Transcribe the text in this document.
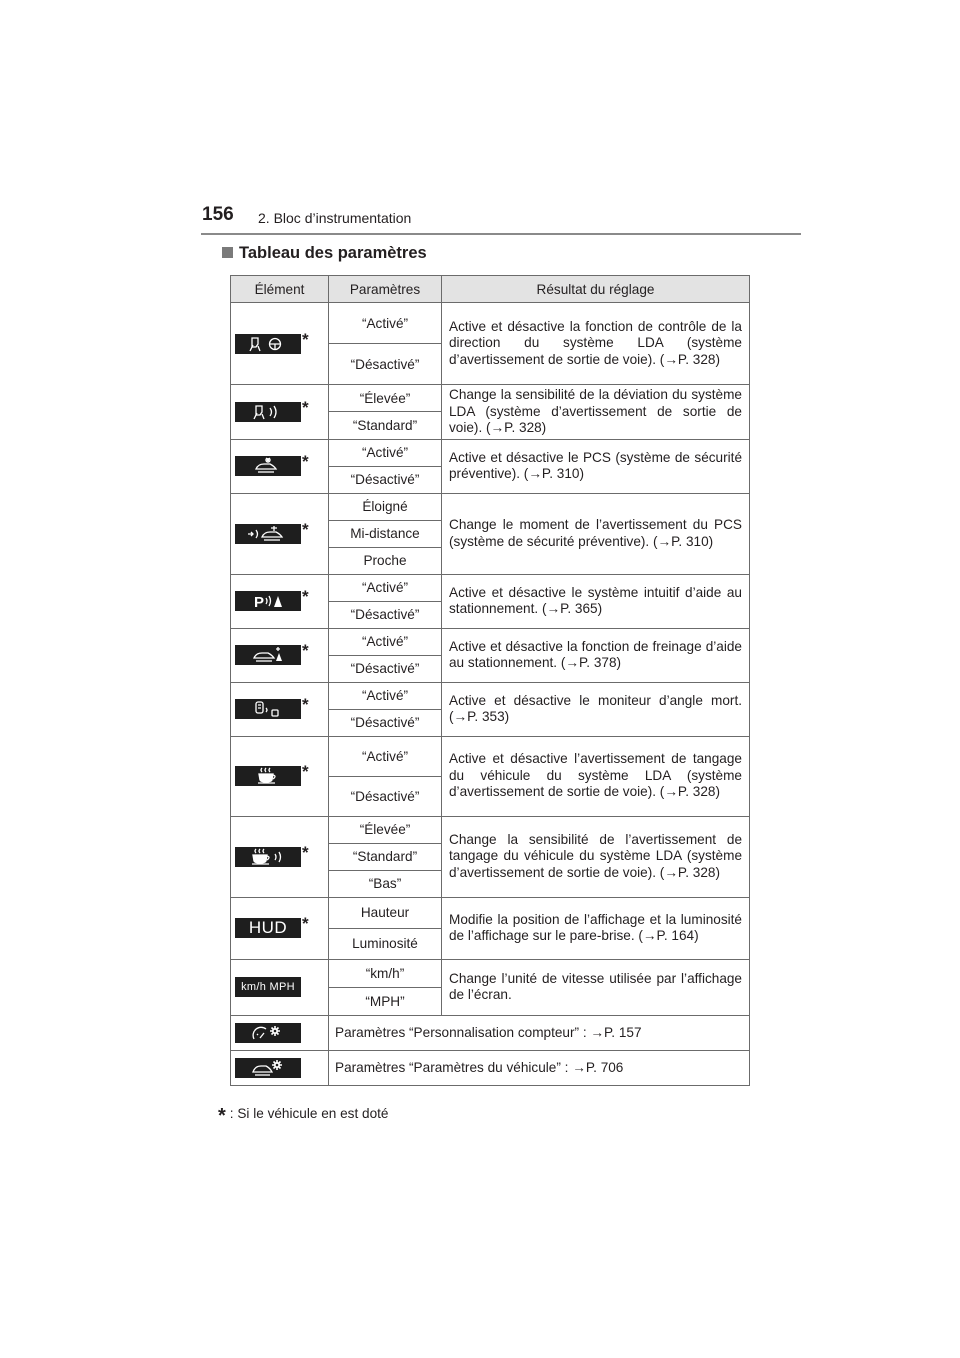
156 2. Bloc d’instrumentation
Tableau des paramètres
Élément	Paramètres	Résultat du réglage

*	“Activé”	Active et désactive la fonction de contrôle de la direction du système LDA (système d’avertissement de sortie de voie). (→P. 328)
	“Désactivé”	

*	“Élevée”	Change la sensibilité de la déviation du système LDA (système d’avertissement de sortie de voie). (→P. 328)
	“Standard”	

*	“Activé”	Active et désactive le PCS (système de sécurité préventive). (→P. 310)
	“Désactivé”	

*	Éloigné	Change le moment de l’avertissement du PCS (système de sécurité préventive). (→P. 310)
	Mi-distance	
	Proche	

P *	“Activé”	Active et désactive le système intuitif d’aide au stationnement. (→P. 365)
	“Désactivé”	

*	“Activé”	Active et désactive la fonction de freinage d’aide au stationnement. (→P. 378)
	“Désactivé”	

*	“Activé”	Active et désactive le moniteur d’angle mort. (→P. 353)
	“Désactivé”	

*	“Activé”	Active et désactive l’avertissement de tangage du véhicule du système LDA (système d’avertissement de sortie de voie). (→P. 328)
	“Désactivé”	

*	“Élevée”	Change la sensibilité de l’avertissement de tangage du véhicule du système LDA (système d’avertissement de sortie de voie). (→P. 328)
	“Standard”	
	“Bas”	

HUD *	Hauteur	Modifie la position de l’affichage et la luminosité de l’affichage sur le pare-brise. (→P. 164)
	Luminosité	

km/h MPH	“km/h”	Change l’unité de vitesse utilisée par l’affichage de l’écran.
	“MPH”	

	Paramètres “Personnalisation compteur” : →P. 157	

	Paramètres “Paramètres du véhicule” : →P. 706	
* : Si le véhicule en est doté
